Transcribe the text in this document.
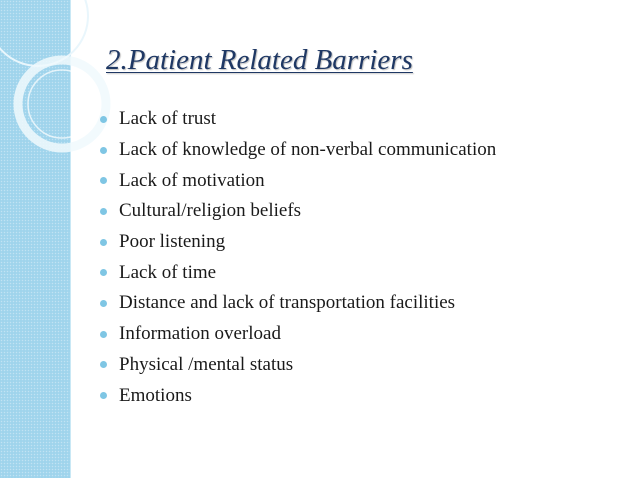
2.Patient Related Barriers
Lack of trust
Lack of knowledge of non-verbal communication
Lack of motivation
Cultural/religion beliefs
Poor listening
Lack of time
Distance and lack of transportation facilities
Information overload
Physical /mental status
Emotions
